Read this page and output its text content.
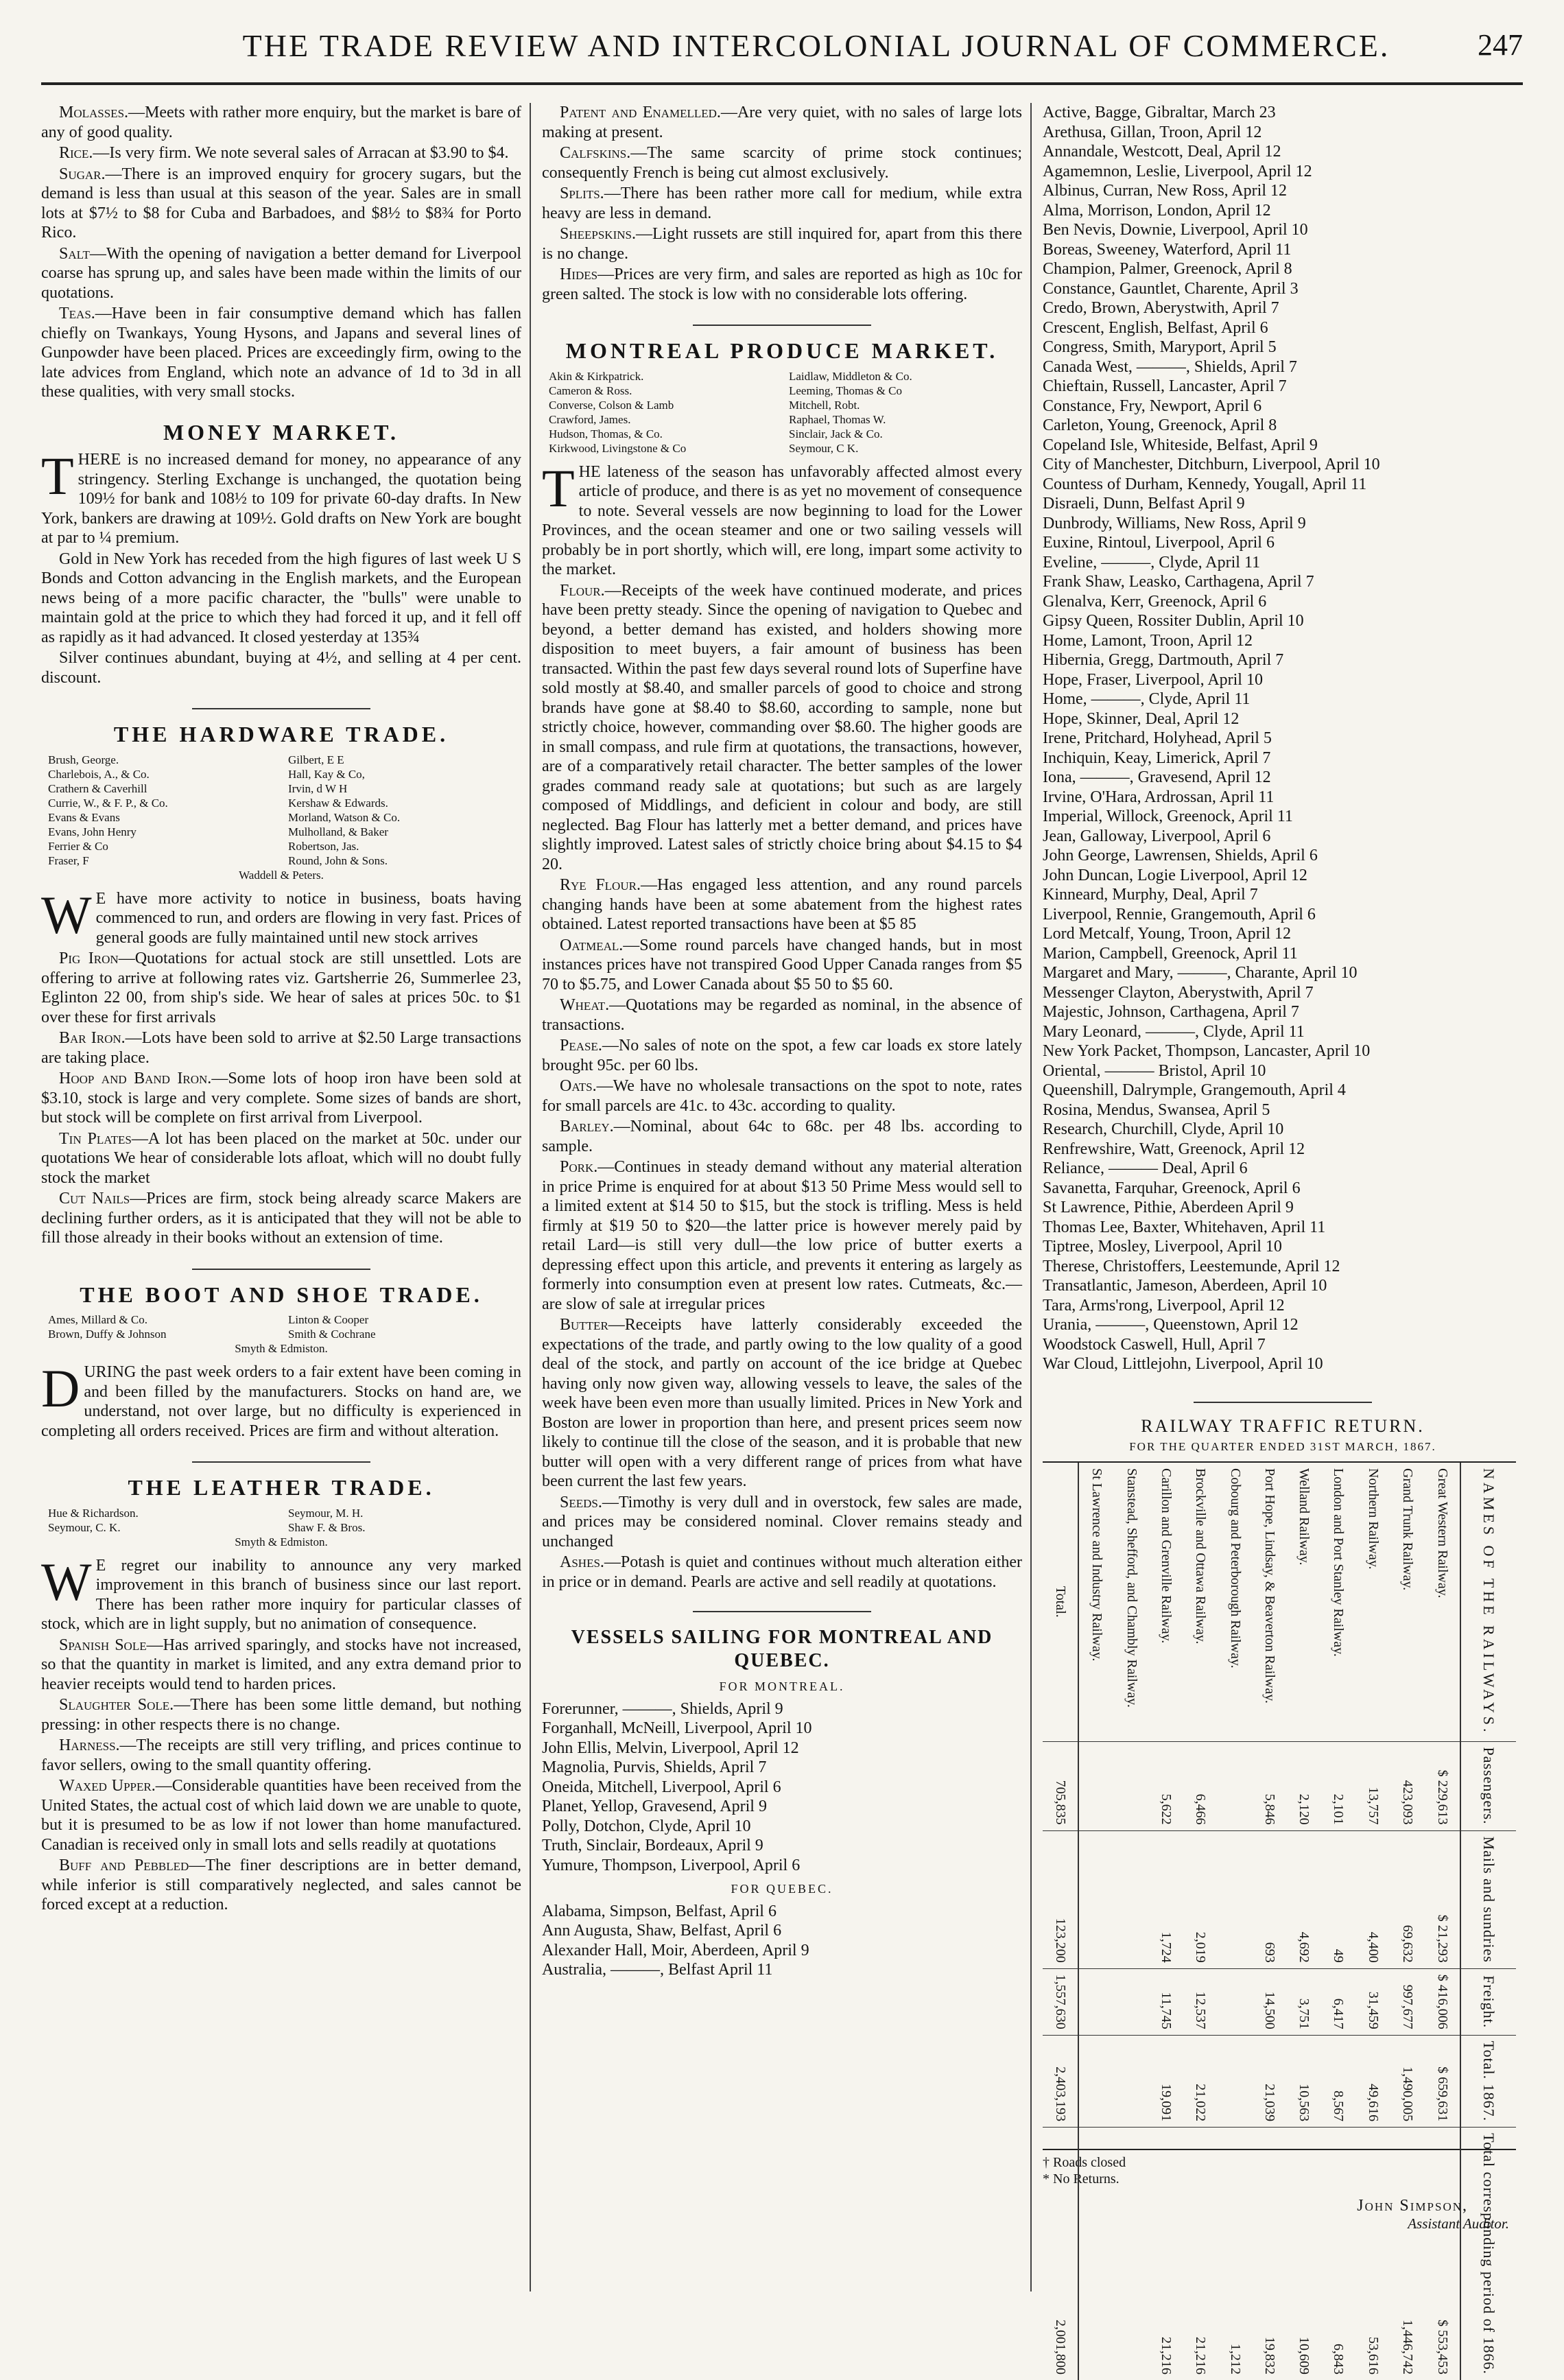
THE TRADE REVIEW AND INTERCOLONIAL JOURNAL OF COMMERCE.	247

Molasses.—Meets with rather more enquiry, but the market is bare of any of good quality.

Rice.—Is very firm. We note several sales of Arracan at $3.90 to $4.

Sugar.—There is an improved enquiry for grocery sugars, but the demand is less than usual at this season of the year. Sales are in small lots at $7½ to $8 for Cuba and Barbadoes, and $8½ to $8¾ for Porto Rico.

Salt—With the opening of navigation a better demand for Liverpool coarse has sprung up, and sales have been made within the limits of our quotations.

Teas.—Have been in fair consumptive demand which has fallen chiefly on Twankays, Young Hysons, and Japans and several lines of Gunpowder have been placed. Prices are exceedingly firm, owing to the late advices from England, which note an advance of 1d to 3d in all these qualities, with very small stocks.

MONEY MARKET.

THERE is no increased demand for money, no appearance of any stringency. Sterling Exchange is unchanged, the quotation being 109½ for bank and 108½ to 109 for private 60-day drafts. In New York, bankers are drawing at 109½. Gold drafts on New York are bought at par to ¼ premium.

Gold in New York has receded from the high figures of last week U S Bonds and Cotton advancing in the English markets, and the European news being of a more pacific character, the "bulls" were unable to maintain gold at the price to which they had forced it up, and it fell off as rapidly as it had advanced. It closed yesterday at 135¾

Silver continues abundant, buying at 4½, and selling at 4 per cent. discount.

THE HARDWARE TRADE.
Brush, George.	Gilbert, E E
Charlebois, A., & Co.	Hall, Kay & Co,
Crathern & Caverhill	Irvin, d W H
Currie, W., & F. P., & Co.	Kershaw & Edwards.
Evans & Evans	Morland, Watson & Co.
Evans, John Henry	Mulholland, & Baker
Ferrier & Co	Robertson, Jas.
Fraser, F	Round, John & Sons.
Waddell & Peters.

W E have more activity to notice in business, boats having commenced to run, and orders are flowing in very fast. Prices of general goods are fully maintained until new stock arrives

Pig Iron—Quotations for actual stock are still unsettled. Lots are offering to arrive at following rates viz. Gartsherrie 26, Summerlee 23, Eglinton 22 00, from ship's side. We hear of sales at prices 50c. to $1 over these for first arrivals

Bar Iron.—Lots have been sold to arrive at $2.50 Large transactions are taking place.

Hoop and Band Iron.—Some lots of hoop iron have been sold at $3.10, stock is large and very complete. Some sizes of bands are short, but stock will be complete on first arrival from Liverpool.

Tin Plates—A lot has been placed on the market at 50c. under our quotations We hear of considerable lots afloat, which will no doubt fully stock the market

Cut Nails—Prices are firm, stock being already scarce Makers are declining further orders, as it is anticipated that they will not be able to fill those already in their books without an extension of time.

THE BOOT AND SHOE TRADE.
Ames, Millard & Co.	Linton & Cooper
Brown, Duffy & Johnson	Smith & Cochrane
Smyth & Edmiston.

DURING the past week orders to a fair extent have been coming in and been filled by the manufacturers. Stocks on hand are, we understand, not over large, but no difficulty is experienced in completing all orders received. Prices are firm and without alteration.

THE LEATHER TRADE.
Hue & Richardson.	Seymour, M. H.
Seymour, C. K.	Shaw F. & Bros.
Smyth & Edmiston.

W E regret our inability to announce any very marked improvement in this branch of business since our last report. There has been rather more inquiry for particular classes of stock, which are in light supply, but no animation of consequence.

Spanish Sole—Has arrived sparingly, and stocks have not increased, so that the quantity in market is limited, and any extra demand prior to heavier receipts would tend to harden prices.

Slaughter Sole.—There has been some little demand, but nothing pressing: in other respects there is no change.

Harness.—The receipts are still very trifling, and prices continue to favor sellers, owing to the small quantity offering.

Waxed Upper.—Considerable quantities have been received from the United States, the actual cost of which laid down we are unable to quote, but it is presumed to be as low if not lower than home manufactured. Canadian is received only in small lots and sells readily at quotations

Buff and Pebbled—The finer descriptions are in better demand, while inferior is still comparatively neglected, and sales cannot be forced except at a reduction.

Patent and Enamelled.—Are very quiet, with no sales of large lots making at present.

Calfskins.—The same scarcity of prime stock continues; consequently French is being cut almost exclusively.

Splits.—There has been rather more call for medium, while extra heavy are less in demand.

Sheepskins.—Light russets are still inquired for, apart from this there is no change.

Hides—Prices are very firm, and sales are reported as high as 10c for green salted. The stock is low with no considerable lots offering.

MONTREAL PRODUCE MARKET.
Akin & Kirkpatrick.	Laidlaw, Middleton & Co.
Cameron & Ross.	Leeming, Thomas & Co
Converse, Colson & Lamb	Mitchell, Robt.
Crawford, James.	Raphael, Thomas W.
Hudson, Thomas, & Co.	Sinclair, Jack & Co.
Kirkwood, Livingstone & Co	Seymour, C K.

THE lateness of the season has unfavorably affected almost every article of produce, and there is as yet no movement of consequence to note. Several vessels are now beginning to load for the Lower Provinces, and the ocean steamer and one or two sailing vessels will probably be in port shortly, which will, ere long, impart some activity to the market.

Flour.—Receipts of the week have continued moderate, and prices have been pretty steady. Since the opening of navigation to Quebec and beyond, a better demand has existed, and holders showing more disposition to meet buyers, a fair amount of business has been transacted. Within the past few days several round lots of Superfine have sold mostly at $8.40, and smaller parcels of good to choice and strong brands have gone at $8.40 to $8.60, according to sample, none but strictly choice, however, commanding over $8.60. The higher goods are in small compass, and rule firm at quotations, the transactions, however, are of a comparatively retail character. The better samples of the lower grades command ready sale at quotations; but such as are largely composed of Middlings, and deficient in colour and body, are still neglected. Bag Flour has latterly met a better demand, and prices have slightly improved. Latest sales of strictly choice bring about $4.15 to $4 20.

Rye Flour.—Has engaged less attention, and any round parcels changing hands have been at some abatement from the highest rates obtained. Latest reported transactions have been at $5 85

Oatmeal.—Some round parcels have changed hands, but in most instances prices have not transpired Good Upper Canada ranges from $5 70 to $5.75, and Lower Canada about $5 50 to $5 60.

Wheat.—Quotations may be regarded as nominal, in the absence of transactions.

Pease.—No sales of note on the spot, a few car loads ex store lately brought 95c. per 60 lbs.

Oats.—We have no wholesale transactions on the spot to note, rates for small parcels are 41c. to 43c. according to quality.

Barley.—Nominal, about 64c to 68c. per 48 lbs. according to sample.

Pork.—Continues in steady demand without any material alteration in price Prime is enquired for at about $13 50 Prime Mess would sell to a limited extent at $14 50 to $15, but the stock is trifling. Mess is held firmly at $19 50 to $20—the latter price is however merely paid by retail Lard—is still very dull—the low price of butter exerts a depressing effect upon this article, and prevents it entering as largely as formerly into consumption even at present low rates. Cutmeats, &c.—are slow of sale at irregular prices

Butter—Receipts have latterly considerably exceeded the expectations of the trade, and partly owing to the low quality of a good deal of the stock, and partly on account of the ice bridge at Quebec having only now given way, allowing vessels to leave, the sales of the week have been even more than usually limited. Prices in New York and Boston are lower in proportion than here, and present prices seem now likely to continue till the close of the season, and it is probable that new butter will open with a very different range of prices from what have been current the last few years.

Seeds.—Timothy is very dull and in overstock, few sales are made, and prices may be considered nominal. Clover remains steady and unchanged

Ashes.—Potash is quiet and continues without much alteration either in price or in demand. Pearls are active and sell readily at quotations.

VESSELS SAILING FOR MONTREAL AND QUEBEC.
FOR MONTREAL.
Forerunner, ———, Shields, April 9
Forganhall, McNeill, Liverpool, April 10
John Ellis, Melvin, Liverpool, April 12
Magnolia, Purvis, Shields, April 7
Oneida, Mitchell, Liverpool, April 6
Planet, Yellop, Gravesend, April 9
Polly, Dotchon, Clyde, April 10
Truth, Sinclair, Bordeaux, April 9
Yumure, Thompson, Liverpool, April 6
FOR QUEBEC.
Alabama, Simpson, Belfast, April 6
Ann Augusta, Shaw, Belfast, April 6
Alexander Hall, Moir, Aberdeen, April 9
Australia, ———, Belfast April 11
Active, Bagge, Gibraltar, March 23
Arethusa, Gillan, Troon, April 12
Annandale, Westcott, Deal, April 12
Agamemnon, Leslie, Liverpool, April 12
Albinus, Curran, New Ross, April 12
Alma, Morrison, London, April 12
Ben Nevis, Downie, Liverpool, April 10
Boreas, Sweeney, Waterford, April 11
Champion, Palmer, Greenock, April 8
Constance, Gauntlet, Charente, April 3
Credo, Brown, Aberystwith, April 7
Crescent, English, Belfast, April 6
Congress, Smith, Maryport, April 5
Canada West, ———, Shields, April 7
Chieftain, Russell, Lancaster, April 7
Constance, Fry, Newport, April 6
Carleton, Young, Greenock, April 8
Copeland Isle, Whiteside, Belfast, April 9
City of Manchester, Ditchburn, Liverpool, April 10
Countess of Durham, Kennedy, Yougall, April 11
Disraeli, Dunn, Belfast April 9
Dunbrody, Williams, New Ross, April 9
Euxine, Rintoul, Liverpool, April 6
Eveline, ———, Clyde, April 11
Frank Shaw, Leasko, Carthagena, April 7
Glenalva, Kerr, Greenock, April 6
Gipsy Queen, Rossiter Dublin, April 10
Home, Lamont, Troon, April 12
Hibernia, Gregg, Dartmouth, April 7
Hope, Fraser, Liverpool, April 10
Home, ———, Clyde, April 11
Hope, Skinner, Deal, April 12
Irene, Pritchard, Holyhead, April 5
Inchiquin, Keay, Limerick, April 7
Iona, ———, Gravesend, April 12
Irvine, O'Hara, Ardrossan, April 11
Imperial, Willock, Greenock, April 11
Jean, Galloway, Liverpool, April 6
John George, Lawrensen, Shields, April 6
John Duncan, Logie Liverpool, April 12
Kinneard, Murphy, Deal, April 7
Liverpool, Rennie, Grangemouth, April 6
Lord Metcalf, Young, Troon, April 12
Marion, Campbell, Greenock, April 11
Margaret and Mary, ———, Charante, April 10
Messenger Clayton, Aberystwith, April 7
Majestic, Johnson, Carthagena, April 7
Mary Leonard, ———, Clyde, April 11
New York Packet, Thompson, Lancaster, April 10
Oriental, ——— Bristol, April 10
Queenshill, Dalrymple, Grangemouth, April 4
Rosina, Mendus, Swansea, April 5
Research, Churchill, Clyde, April 10
Renfrewshire, Watt, Greenock, April 12
Reliance, ——— Deal, April 6
Savanetta, Farquhar, Greenock, April 6
St Lawrence, Pithie, Aberdeen April 9
Thomas Lee, Baxter, Whitehaven, April 11
Tiptree, Mosley, Liverpool, April 10
Therese, Christoffers, Leestemunde, April 12
Transatlantic, Jameson, Aberdeen, April 10
Tara, Arms'rong, Liverpool, April 12
Urania, ———, Queenstown, April 12
Woodstock Caswell, Hull, April 7
War Cloud, Littlejohn, Liverpool, April 10
RAILWAY TRAFFIC RETURN.
FOR THE QUARTER ENDED 31ST MARCH, 1867.
NAMES OF THE RAILWAYS.	Passengers.	Mails and sundries	Freight.	Total. 1867.	Total corresponding period of 1866.
Great Western Railway.	$ 229,613	$ 21,293	$ 416,006	$ 659,631	$ 553,453
Grand Trunk Railway.	423,093	69,632	997,677	1,490,005	1,446,742
Northern Railway.	13,757	4,400	31,459	49,616	53,616
London and Port Stanley Railway.	2,101	49	6,417	8,567	6,843
Welland Railway.	2,120	4,692	3,751	10,563	10,609
Port Hope, Lindsay, & Beaverton Railway.	5,846	693	14,500	21,039	19,832
Cobourg and Peterborough Railway.					1,212
Brockville and Ottawa Railway.	6,466	2,019	12,537	21,022	21,216
Carillon and Grenville Railway.	5,622	1,724	11,745	19,091	21,216
Stanstead, Shefford, and Chambly Railway.					
St Lawrence and Industry Railway.					
Total.	705,835	123,200	1,557,630	2,403,193	2,001,800
† Roads closed
* No Returns.
John Simpson,
Assistant Auditor.
